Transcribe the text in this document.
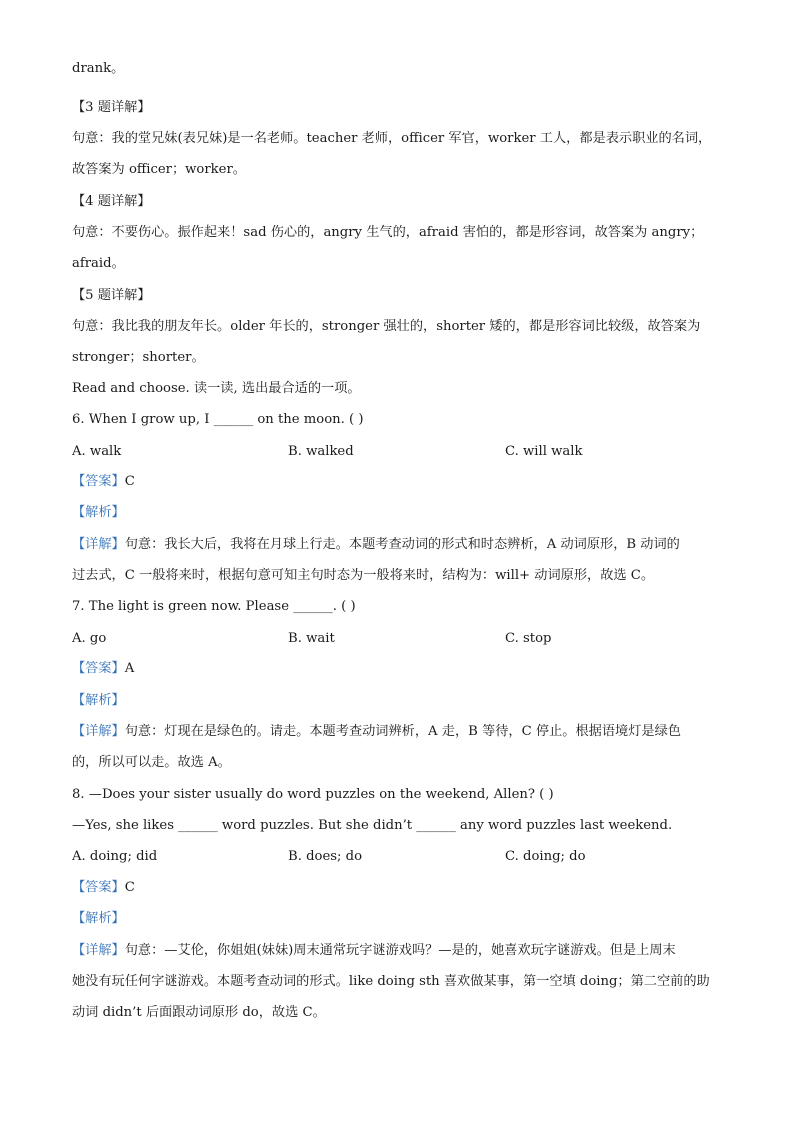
drank。
【3 题详解】
句意：我的堂兄妹(表兄妹)是一名老师。teacher 老师，officer 军官，worker 工人，都是表示职业的名词，
故答案为 officer；worker。
【4 题详解】
句意：不要伤心。振作起来！sad 伤心的，angry 生气的，afraid 害怕的，都是形容词，故答案为 angry；
afraid。
【5 题详解】
句意：我比我的朋友年长。older 年长的，stronger 强壮的，shorter 矮的，都是形容词比较级，故答案为
stronger；shorter。
Read and choose. 读一读, 选出最合适的一项。
6. When I grow up, I ______ on the moon. ( )
A. walk	B. walked	C. will walk
【答案】C
【解析】
【详解】句意：我长大后，我将在月球上行走。本题考查动词的形式和时态辨析，A 动词原形，B 动词的
过去式，C 一般将来时，根据句意可知主句时态为一般将来时，结构为：will+ 动词原形，故选 C。
7. The light is green now. Please ______. ( )
A. go	B. wait	C. stop
【答案】A
【解析】
【详解】句意：灯现在是绿色的。请走。本题考查动词辨析，A 走，B 等待，C 停止。根据语境灯是绿色
的，所以可以走。故选 A。
8. —Does your sister usually do word puzzles on the weekend, Allen? ( )
—Yes, she likes ______ word puzzles. But she didn’t ______ any word puzzles last weekend.
A. doing; did	B. does; do	C. doing; do
【答案】C
【解析】
【详解】句意：—艾伦，你姐姐(妹妹)周末通常玩字谜游戏吗？—是的，她喜欢玩字谜游戏。但是上周末
她没有玩任何字谜游戏。本题考查动词的形式。like doing sth 喜欢做某事，第一空填 doing；第二空前的助
动词 didn’t 后面跟动词原形 do，故选 C。
